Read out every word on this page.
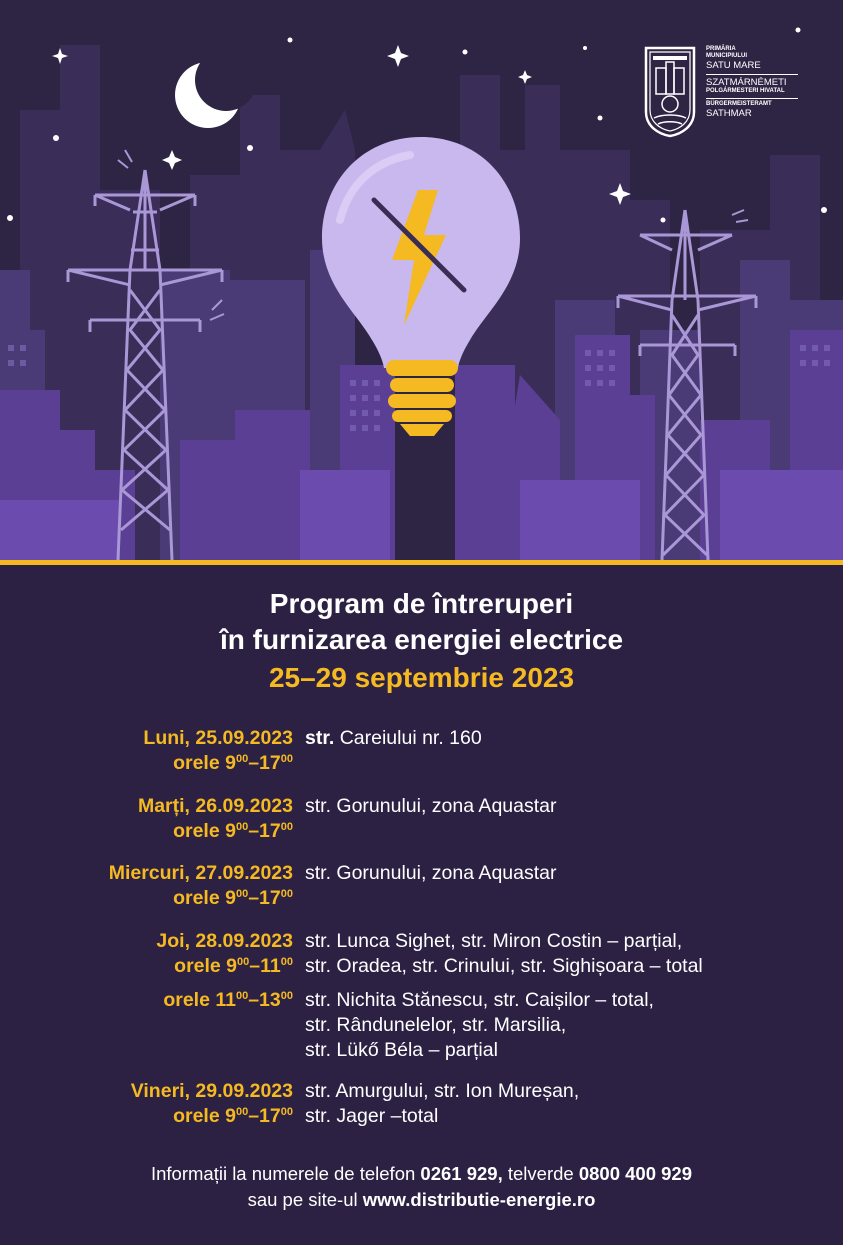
PRIMĂRIA
MUNICIPIULUI
SATU MARE
SZATMÁRNÉMETI
POLGÁRMESTERI HIVATAL
BÜRGERMEISTERAMT
SATHMAR
Program de întreruperi
în furnizarea energiei electrice
25–29 septembrie 2023
Luni, 25.09.2023
orele $9^{00}-17^{00}$
str. Careiului nr. 160
Marți, 26.09.2023
orele $9^{00}-17^{00}$
str. Gorunului, zona Aquastar
Miercuri, 27.09.2023
orele $9^{00}-17^{00}$
str. Gorunului, zona Aquastar
Joi, 28.09.2023
orele $9^{00}-11^{00}$
str. Lunca Sighet, str. Miron Costin – parțial,
str. Oradea, str. Crinului, str. Sighișoara – total
orele $11^{00}-13^{00}$ str. Nichita Stănescu, str. Caișilor – total,
str. Rândunelelor, str. Marsilia,
str. Lükő Béla – parțial
Vineri, 29.09.2023
orele $9^{00}-17^{00}$
str. Amurgului, str. Ion Mureșan,
str. Jager –total
Informații la numerele de telefon 0261 929, telverde 0800 400 929
sau pe site-ul www.distributie-energie.ro
